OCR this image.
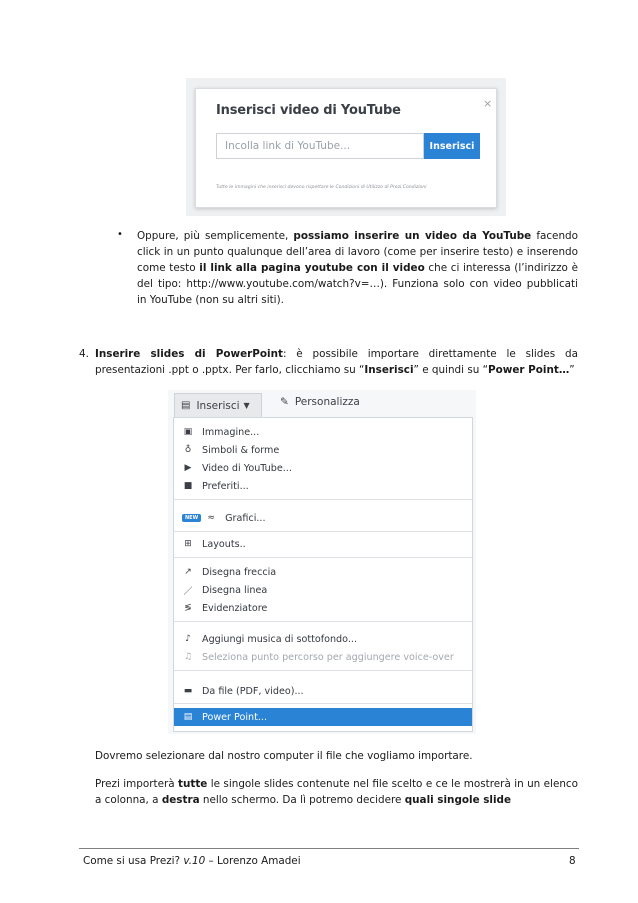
Inserisci video di YouTube	×
Incolla link di YouTube...	Inserisci
Tutte le immagini che inserisci devono rispettare le Condizioni di Utilizzo di Prezi.Condizioni
• Oppure, più semplicemente, possiamo inserire un video da YouTube facendo click in un punto qualunque dell’area di lavoro (come per inserire testo) e inserendo come testo il link alla pagina youtube con il video che ci interessa (l’indirizzo è del tipo: http://www.youtube.com/watch?v=…). Funziona solo con video pubblicati in YouTube (non su altri siti).
4. Inserire slides di PowerPoint: è possibile importare direttamente le slides da presentazioni .ppt o .pptx. Per farlo, clicchiamo su “Inserisci” e quindi su “Power Point…”
▤ Inserisci ▼	✎ Personalizza
▣ Immagine...
♁ Simboli & forme
▶ Video di YouTube...
■ Preferiti...
NEW	≈ Grafici...
⊞ Layouts..
↗ Disegna freccia
／ Disegna linea
≶ Evidenziatore
♪	Aggiungi musica di sottofondo...
♫ Seleziona punto percorso per aggiungere voice-over
▬ Da file (PDF, video)...
▤ Power Point...
Dovremo selezionare dal nostro computer il file che vogliamo importare.
Prezi importerà tutte le singole slides contenute nel file scelto e ce le mostrerà in un elenco a colonna, a destra nello schermo. Da lì potremo decidere quali singole slide
Come si usa Prezi? v.10 – Lorenzo Amadei	8
